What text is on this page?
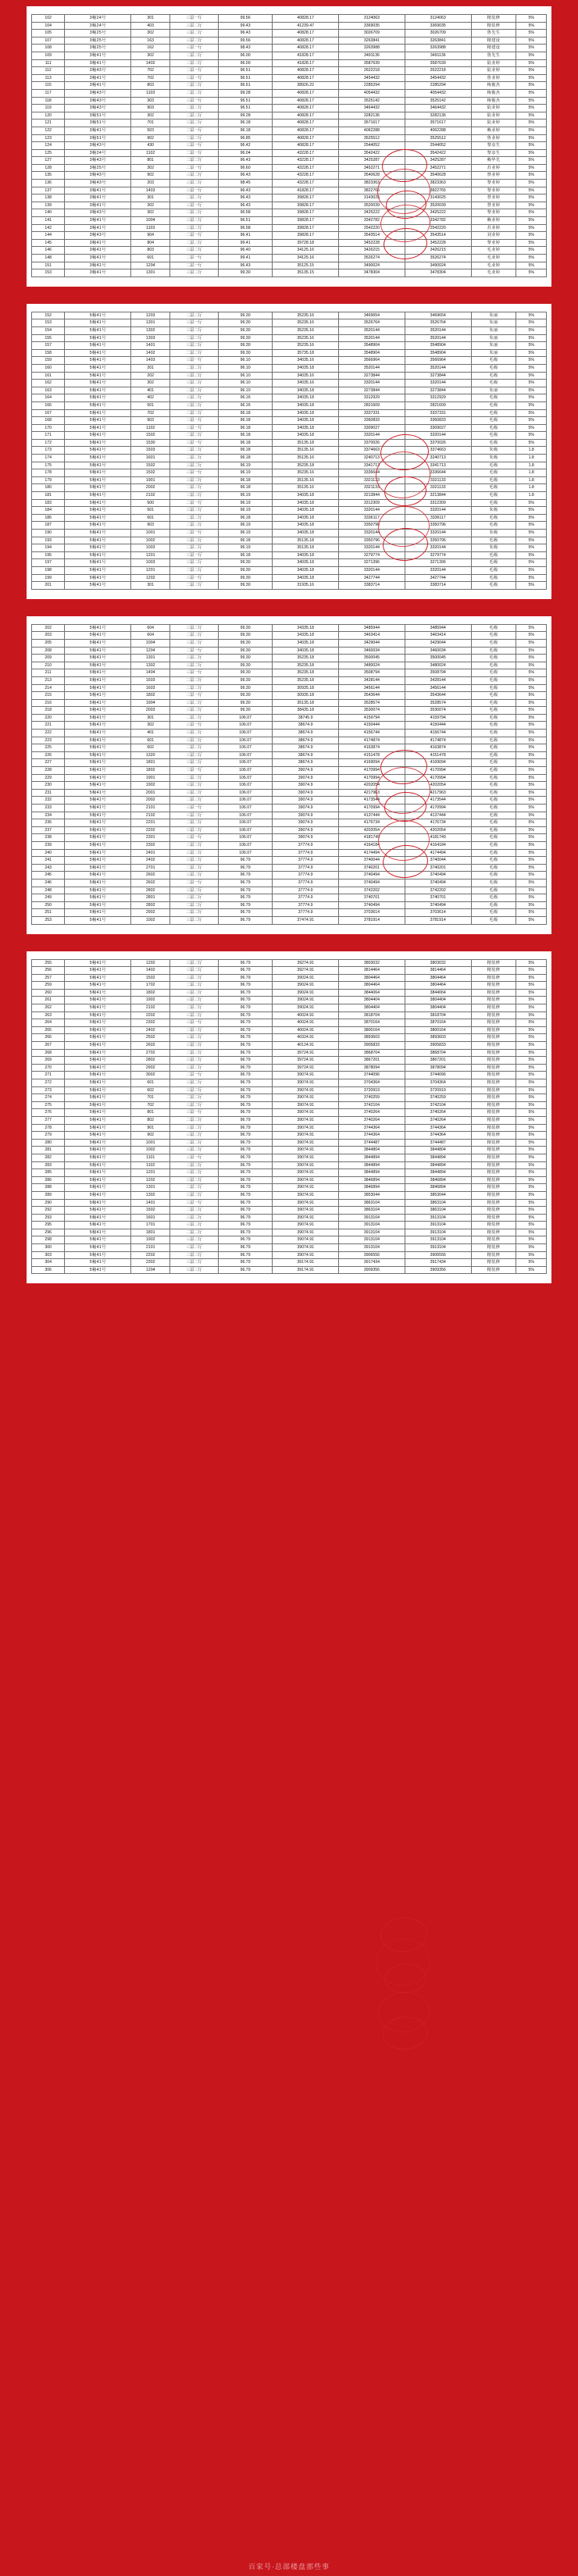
102	3幢24号	301	三层一厅	99.56	40828.17	3124063	3124063	精装修	5%
104	3幢24号	403	三层二厅	99.43	41239.47	3369035	3369035	精装修	5%
105	3幢25号	302	三层二厅	96.43	40828.17	3026709	3026709	鲁先生	5%
107	3幢25号	163	三层二厅	99.56	40828.17	3263841	3263841	精建设	5%
108	3幢25号	162	三层一厅	98.43	40828.17	3263988	3263988	精建设	5%
109	3幢41号	302	二层二厅	96.00	41828.17	3491136	3491136	鲁先生	5%
111	3幢41号	1402	二层二厅	96.00	41828.17	3587639	3587639	陆业婷	5%
112	3幢43号	702	二层一厅	96.51	40828.17	2622218	2622218	陆业婷	5%
113	3幢41号	702	三层一厅	96.51	40828.17	3454432	3454432	鲁业婷	5%
115	3幢41号	803	二层二厅	96.51	38926.22	2285294	2285294	梅俊杰	5%
117	3幢43号	1103	二层二厅	99.28	40828.17	4054432	4054432	梅俊杰	5%
118	3幢43号	303	三层一厅	96.51	40828.17	3525142	3525142	梅俊杰	5%
119	3幢43号	903	二层二厅	96.51	40828.17	3464432	3464432	陆业婷	5%
120	3幢51号	302	二层二厅	99.28	40828.17	3282136	3282136	陆业婷	5%
121	3幢51号	701	三层二厅	96.18	40828.17	3571617	3571617	陆业婷	5%
122	3幢41号	503	二层一厅	96.18	40828.17	4062288	4062288	赖业婷	5%
123	3幢51号	902	二层二厅	96.85	40828.17	3525512	3525512	鲁业婷	5%
124	3幢43号	430	三层一厅	96.42	40828.17	2544052	2544052	黎彦生	5%
125	3幢24号	1102	二层一厅	96.04	43228.17	3542422	3542422	黎彦生	5%
127	3幢43号	801	二层二厅	96.43	43228.17	3425287	3425287	赖华先	5%
128	3幢25号	302	二层一厅	96.60	43228.17	3452271	3452271	苏业婷	5%
135	3幢43号	902	三层二厅	96.43	43228.17	3540628	3540628	禁业婷	5%
136	3幢43号	203	三层二厅	98.45	43228.17	3823363	3823363	黎业婷	5%
137	3幢41号	1403	三层一厅	96.43	41828.17	3822765	3822765	黎业婷	5%
138	3幢41号	301	二层二厅	96.43	39828.17	3143025	3143025	慧业婷	5%
139	3幢41号	302	三层一厅	96.43	39828.17	3520039	3520039	慧业婷	5%
140	3幢43号	302	二层二厅	96.58	39828.17	3425222	3425222	黎业婷	5%
141	3幢41号	1004	三层二厅	96.51	39828.17	3342782	3342782	赖业婷	5%
142	3幢41号	1103	三层二厅	96.58	39828.17	2542220	2542220	苏业婷	5%
144	3幢43号	904	二层一厅	96.41	39828.17	3543514	3543514	刘业婷	5%
145	3幢41号	804	二层二厅	99.41	39728.18	3452228	3452228	黎业婷	5%
146	3幢41号	803	三层二厅	96.40	34125.16	3426215	3426215	毛业婷	5%
148	3幢41号	601	二层一厅	99.41	34125.16	3526274	3526274	毛业婷	5%
151	3幢41号	1204	二层一厅	96.43	35125.15	3490024	3490024	毛业婷	5%
153	3幢41号	1301	三层二厅	99.30	35135.15	3478304	3478304	毛业婷	5%
152	5幢41号	1203	二层二厅	99.30	35235.16	3469654	3469654	朱丽	5%
153	5幢41号	1301	三层一厅	99.30	35235.16	3526764	3526764	朱丽	5%
154	5幢41号	1302	三层二厅	99.30	35235.16	3520144	3520144	朱丽	5%
155	5幢41号	1303	二层二厅	99.30	35235.16	3520144	3520144	朱丽	5%
157	5幢41号	1401	三层二厅	99.30	35235.16	3548904	3548904	朱丽	5%
158	5幢41号	1402	二层二厅	99.30	35735.18	3548904	3548904	朱丽	5%
159	5幢41号	1403	三层一厅	96.10	34035.16	3566964	3566964	毛级	5%
160	5幢41号	201	二层二厅	96.10	34035.18	3520144	3520144	毛级	5%
161	5幢41号	202	三层二厅	96.10	34035.16	3273844	3273844	毛级	5%
162	5幢41号	302	三层二厅	96.10	34035.16	3320144	3320144	毛级	5%
163	5幢41号	401	二层二厅	96.10	34035.18	3273844	3273844	朱丽	5%
164	5幢41号	402	三层二厅	96.16	34035.18	3312929	3312929	毛级	5%
166	5幢41号	501	三层二厅	96.16	34035.18	2821609	2821609	毛级	5%
167	5幢41号	702	二层二厅	96.18	34035.18	3337331	3337331	毛级	5%
168	5幢41号	903	二层一厅	96.18	34035.18	3360833	3360833	毛级	5%
170	5幢41号	1102	三层一厅	96.18	34035.18	3309027	3309027	毛级	5%
171	5幢41号	1502	二层二厅	96.18	34035.18	3320144	3320144	毛级	5%
172	5幢41号	1530	三层一厅	96.18	35135.18	3370026	3370026	毛级	5%
173	5幢41号	1503	二层二厅	96.18	35135.16	3374663	3374663	朱级	1.8
174	5幢41号	1601	二层二厅	96.18	35135.16	3240713	3240713	朱级	1.8
175	5幢41号	1502	三层二厅	96.19	35235.18	3341713	3341713	毛级	1.8
178	5幢41号	1502	三层一厅	96.19	35235.16	3336644	3336644	毛级	1.8
179	5幢41号	1901	三层二厅	96.18	35135.16	3321133	3321133	毛级	1.8
180	5幢41号	2002	二层二厅	96.18	35135.16	3321133	3321133	毛级	1.8
181	5幢41号	2102	二层二厅	96.19	34035.18	3213844	3213844	毛级	1.8
183	5幢41号	500	二层一厅	96.19	34035.18	3312309	3312309	毛级	5%
184	5幢41号	501	三层二厅	96.19	34035.18	3320144	3320144	朱级	5%
186	5幢41号	601	二层二厅	96.18	34035.18	3336117	3336117	毛级	5%
187	5幢41号	903	二层二厅	96.19	34035.18	3350796	3350796	毛级	5%
190	5幢41号	1001	二层一厅	96.19	34035.18	3320144	3320144	朱级	5%
193	5幢41号	1002	三层二厅	96.18	35135.18	3350796	3350796	毛级	5%
194	5幢41号	1003	二层二厅	96.19	35135.18	3320144	3320144	朱级	5%
195	5幢41号	1201	三层一厅	96.18	34035.18	3279774	3279774	毛级	5%
197	5幢41号	1003	三层二厅	99.30	34035.18	3271396	3271396	毛级	5%
198	5幢41号	1201	二层二厅	99.30	34035.18	3320144	3320144	毛级	5%
199	5幢41号	1202	三层一厅	99.30	34035.18	3427744	3427744	毛级	5%
201	5幢41号	301	二层二厅	99.30	31935.16	3383714	3383714	毛级	5%
202	5幢41号	604	三层二厅	99.30	34335.18	3485944	3485944	毛级	5%
203	5幢41号	604	二层二厅	99.30	34335.18	3463414	3463414	毛级	5%
205	5幢41号	1004	三层二厅	99.30	34035.18	3429044	3429044	毛级	5%
208	5幢41号	1204	二层一厅	99.30	34035.18	3460034	3460034	毛级	5%
209	5幢41号	1301	三层二厅	99.30	35235.18	3500045	3500045	毛级	5%
210	5幢41号	1302	三层二厅	99.30	35235.18	3480024	3480024	毛级	5%
211	5幢41号	1404	三层一厅	99.30	35235.18	3508794	3508794	毛级	5%
213	5幢41号	1503	二层二厅	99.30	35235.18	3428144	3428144	毛级	5%
214	5幢41号	1603	二层二厅	99.30	30935.18	3456144	3456144	毛级	5%
215	5幢41号	1802	二层一厅	99.30	30935.18	3543644	3543644	毛级	5%
216	5幢41号	1904	三层二厅	99.30	35135.18	3528574	3528574	毛级	5%
218	5幢41号	2003	三层二厅	99.30	38435.18	3530074	3530074	毛级	5%
220	5幢41号	301	二层二厅	106.07	38745.9	4159794	4159794	毛级	5%
221	5幢41号	302	三层一厅	106.07	38674.9	4150444	4150444	毛级	5%
222	5幢41号	401	三层二厅	106.07	38674.9	4156744	4156744	毛级	5%
223	5幢41号	601	三层二厅	106.07	38674.9	4174874	4174874	毛级	5%
225	5幢41号	602	二层二厅	106.07	38674.9	4163874	4163874	毛级	5%
226	5幢41号	1320	三层二厅	106.07	38674.9	4151478	4151478	毛级	5%
227	5幢41号	1801	三层二厅	106.07	38674.9	4169094	4169094	毛级	5%
228	5幢41号	1802	二层一厅	106.07	39074.9	4170994	4170994	毛级	5%
229	5幢41号	1901	二层二厅	106.07	39074.9	4170994	4170994	毛级	5%
230	5幢41号	1902	三层二厅	106.07	39074.9	4202054	4202054	毛级	5%
231	5幢41号	2001	三层二厅	106.07	39074.9	4217963	4217963	毛级	5%
232	5幢41号	2002	二层二厅	106.07	39074.9	4173544	4173544	毛级	5%
233	5幢41号	2101	三层一厅	106.07	39074.9	4170994	4170994	毛级	5%
234	5幢41号	2102	三层二厅	106.07	39074.9	4137444	4137444	毛级	5%
236	5幢41号	2201	二层二厅	106.07	39074.9	4176734	4176734	毛级	5%
237	5幢41号	2202	三层二厅	106.07	39074.9	4202054	4202054	毛级	5%
238	5幢41号	2301	三层一厅	106.07	39074.9	4181749	4181749	毛级	5%
239	5幢41号	2302	二层二厅	106.07	37774.9	4164184	4164184	毛级	5%
240	5幢41号	2401	三层二厅	106.07	37774.9	4174494	4174494	毛级	5%
241	5幢41号	2402	三层二厅	96.79	37774.9	3740044	3740044	毛级	5%
243	5幢41号	2701	二层二厅	96.79	37774.9	3740201	3740201	毛级	5%
245	5幢41号	2602	三层二厅	96.79	37774.9	3740494	3740494	毛级	5%
246	5幢41号	2602	二层一厅	96.79	37774.9	3740494	3740494	毛级	5%
248	5幢41号	2802	三层二厅	96.79	37774.9	3742202	3742202	毛级	5%
249	5幢41号	2801	三层二厅	96.79	37774.9	3740701	3740701	毛级	5%
250	5幢41号	2802	二层二厅	96.79	37774.9	3740494	3740494	毛级	5%
251	5幢41号	2902	二层二厅	96.79	37774.9	3703614	3703614	毛级	5%
253	5幢41号	1002	三层二厅	96.79	37474.91	3781914	3781914	毛级	5%
255	5幢41号	1202	三层二厅	96.79	39274.91	3803032	3803032	精装修	5%
256	5幢41号	1402	三层二厅	96.79	39274.91	3814464	3814464	精装修	5%
257	5幢41号	1502	三层二厅	96.79	39024.91	3804464	3804464	精装修	5%
259	5幢41号	1702	二层二厅	96.79	39024.91	3804464	3804464	精装修	5%
260	5幢41号	1802	三层二厅	96.79	39024.91	3844064	3844064	精装修	5%
261	5幢41号	1902	三层二厅	96.79	39024.91	3804404	3804404	精装修	5%
262	5幢41号	2102	二层二厅	96.79	39024.91	3804404	3804404	精装修	5%
263	5幢41号	2202	三层二厅	96.79	40024.91	3818704	3818704	精装修	5%
264	5幢41号	2302	三层一厅	96.79	40024.91	3870164	3870164	精装修	5%
265	5幢41号	2402	二层二厅	96.79	40024.91	3800164	3800164	精装修	5%
266	5幢41号	2502	三层二厅	96.79	40324.91	3893603	3893603	精装修	5%
267	5幢41号	2602	三层二厅	96.79	40124.91	3905833	3905833	精装修	5%
268	5幢41号	2702	二层二厅	96.79	39724.91	3868704	3868704	精装修	5%
269	5幢41号	2802	三层二厅	96.79	39724.91	3867201	3867201	精装修	5%
270	5幢41号	2902	三层二厅	96.79	39724.91	3878094	3878094	精装修	5%
271	5幢41号	3002	二层一厅	96.79	39074.91	3744096	3744096	精装修	5%
272	5幢41号	601	三层二厅	96.79	39074.91	3704364	3704364	精装修	5%
273	5幢41号	602	三层二厅	96.79	39074.91	3720919	3720919	精装修	5%
274	5幢41号	701	二层二厅	96.79	39074.91	3740259	3740259	精装修	5%
275	5幢41号	702	三层二厅	96.79	39074.91	3742104	3742104	精装修	5%
276	5幢41号	801	三层一厅	96.79	39074.91	3740264	3740264	精装修	5%
277	5幢41号	802	二层二厅	96.79	39074.91	3740264	3740264	精装修	5%
278	5幢41号	901	三层二厅	96.79	39074.91	3744364	3744364	精装修	5%
279	5幢41号	902	三层二厅	96.79	39074.91	3744364	3744364	精装修	5%
280	5幢41号	1001	二层二厅	96.79	39074.91	3744487	3744487	精装修	5%
281	5幢41号	1002	三层二厅	96.79	39074.91	3844804	3844804	精装修	5%
282	5幢41号	1101	三层一厅	96.79	39074.91	3844894	3844894	精装修	5%
283	5幢41号	1102	二层二厅	96.79	39074.91	3844894	3844894	精装修	5%
285	5幢41号	1201	三层二厅	96.79	39074.91	3844894	3844894	精装修	5%
286	5幢41号	1202	三层二厅	96.79	39074.91	3846894	3846894	精装修	5%
288	5幢41号	1301	二层二厅	96.79	39074.91	3846894	3846894	精装修	5%
289	5幢41号	1302	三层二厅	96.79	39074.91	3853044	3853044	精装修	5%
290	5幢41号	1401	三层一厅	96.79	39074.91	3863104	3863104	精装修	5%
292	5幢41号	1502	二层二厅	96.79	39074.91	3863104	3863104	精装修	5%
293	5幢41号	1601	三层二厅	96.79	39074.91	3913104	3913104	精装修	5%
295	5幢41号	1701	三层二厅	96.79	39074.91	3913104	3913104	精装修	5%
296	5幢41号	1801	二层二厅	96.79	39074.91	3913104	3913104	精装修	5%
298	5幢41号	1902	三层二厅	96.79	39074.91	3913104	3913104	精装修	5%
300	5幢41号	2101	三层二厅	96.79	39074.91	3913104	3913104	精装修	5%
303	5幢41号	2202	二层二厅	96.79	39074.91	3906556	3906556	精装修	5%
304	5幢41号	2302	三层二厅	96.79	39174.91	3917434	3917434	精装修	5%
306	5幢41号	1204	三层二厅	96.79	39174.91	3909356	3909356	精装修	5%
百家号·总部楼盘那些事
